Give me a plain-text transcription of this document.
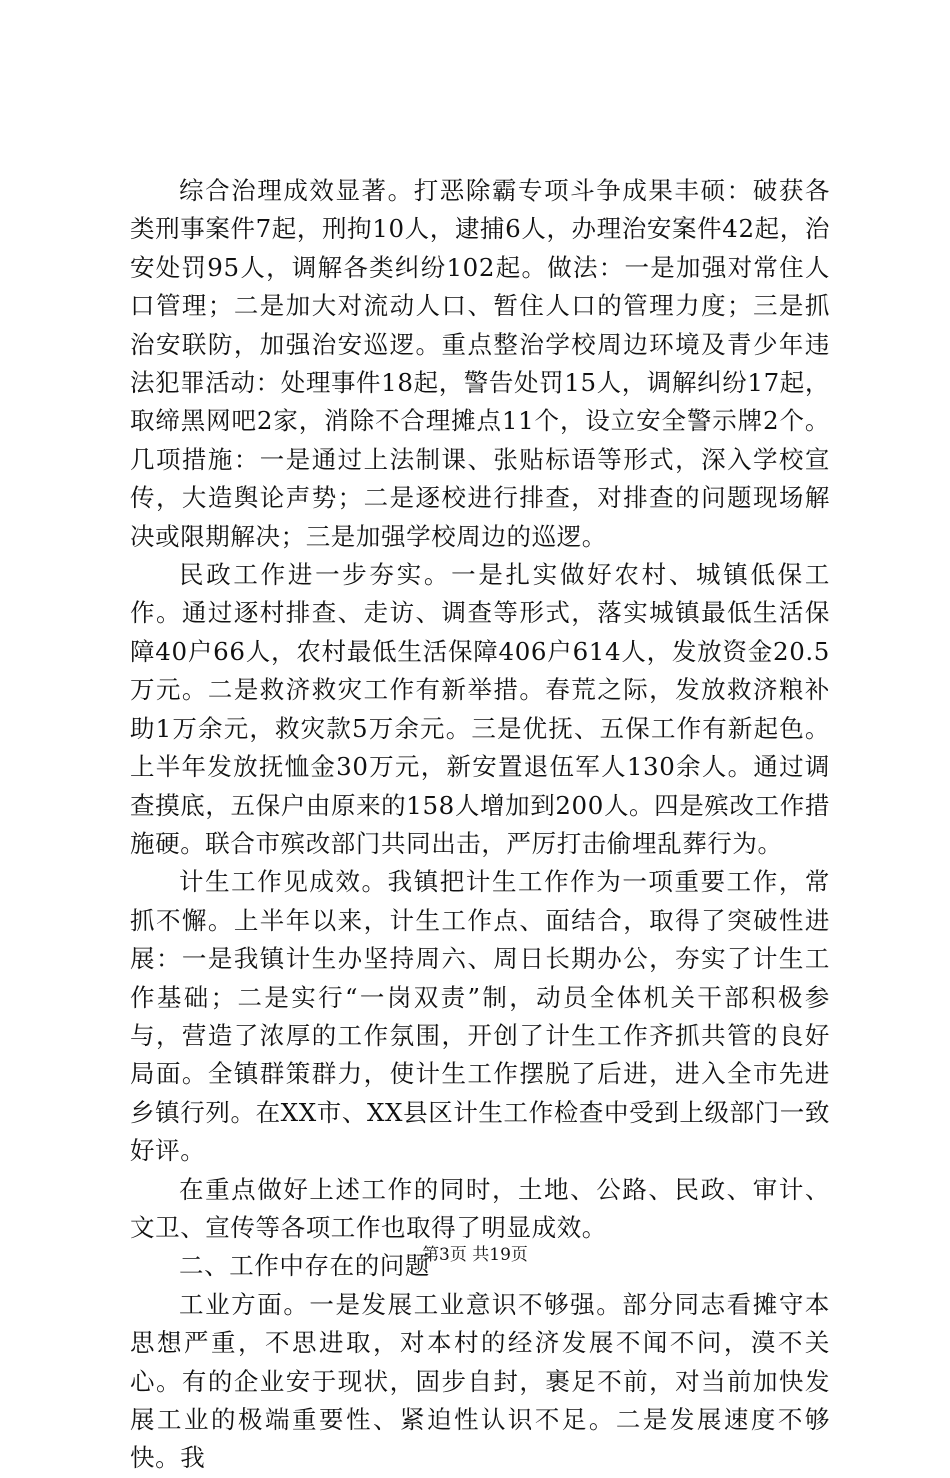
综合治理成效显著。打恶除霸专项斗争成果丰硕：破获各类刑事案件7起，刑拘10人，逮捕6人，办理治安案件42起，治安处罚95人，调解各类纠纷102起。做法：一是加强对常住人口管理；二是加大对流动人口、暂住人口的管理力度；三是抓治安联防，加强治安巡逻。重点整治学校周边环境及青少年违法犯罪活动：处理事件18起，警告处罚15人，调解纠纷17起，取缔黑网吧2家，消除不合理摊点11个，设立安全警示牌2个。几项措施：一是通过上法制课、张贴标语等形式，深入学校宣传，大造舆论声势；二是逐校进行排查，对排查的问题现场解决或限期解决；三是加强学校周边的巡逻。

民政工作进一步夯实。一是扎实做好农村、城镇低保工作。通过逐村排查、走访、调查等形式，落实城镇最低生活保障40户66人，农村最低生活保障406户614人，发放资金20.5万元。二是救济救灾工作有新举措。春荒之际，发放救济粮补助1万余元，救灾款5万余元。三是优抚、五保工作有新起色。上半年发放抚恤金30万元，新安置退伍军人130余人。通过调查摸底，五保户由原来的158人增加到200人。四是殡改工作措施硬。联合市殡改部门共同出击，严厉打击偷埋乱葬行为。

计生工作见成效。我镇把计生工作作为一项重要工作，常抓不懈。上半年以来，计生工作点、面结合，取得了突破性进展：一是我镇计生办坚持周六、周日长期办公，夯实了计生工作基础；二是实行“一岗双责”制，动员全体机关干部积极参与，营造了浓厚的工作氛围，开创了计生工作齐抓共管的良好局面。全镇群策群力，使计生工作摆脱了后进，进入全市先进乡镇行列。在XX市、XX县区计生工作检查中受到上级部门一致好评。

在重点做好上述工作的同时，土地、公路、民政、审计、文卫、宣传等各项工作也取得了明显成效。

二、工作中存在的问题

工业方面。一是发展工业意识不够强。部分同志看摊守本思想严重，不思进取，对本村的经济发展不闻不问，漠不关心。有的企业安于现状，固步自封，裹足不前，对当前加快发展工业的极端重要性、紧迫性认识不足。二是发展速度不够快。我

第3页 共19页
